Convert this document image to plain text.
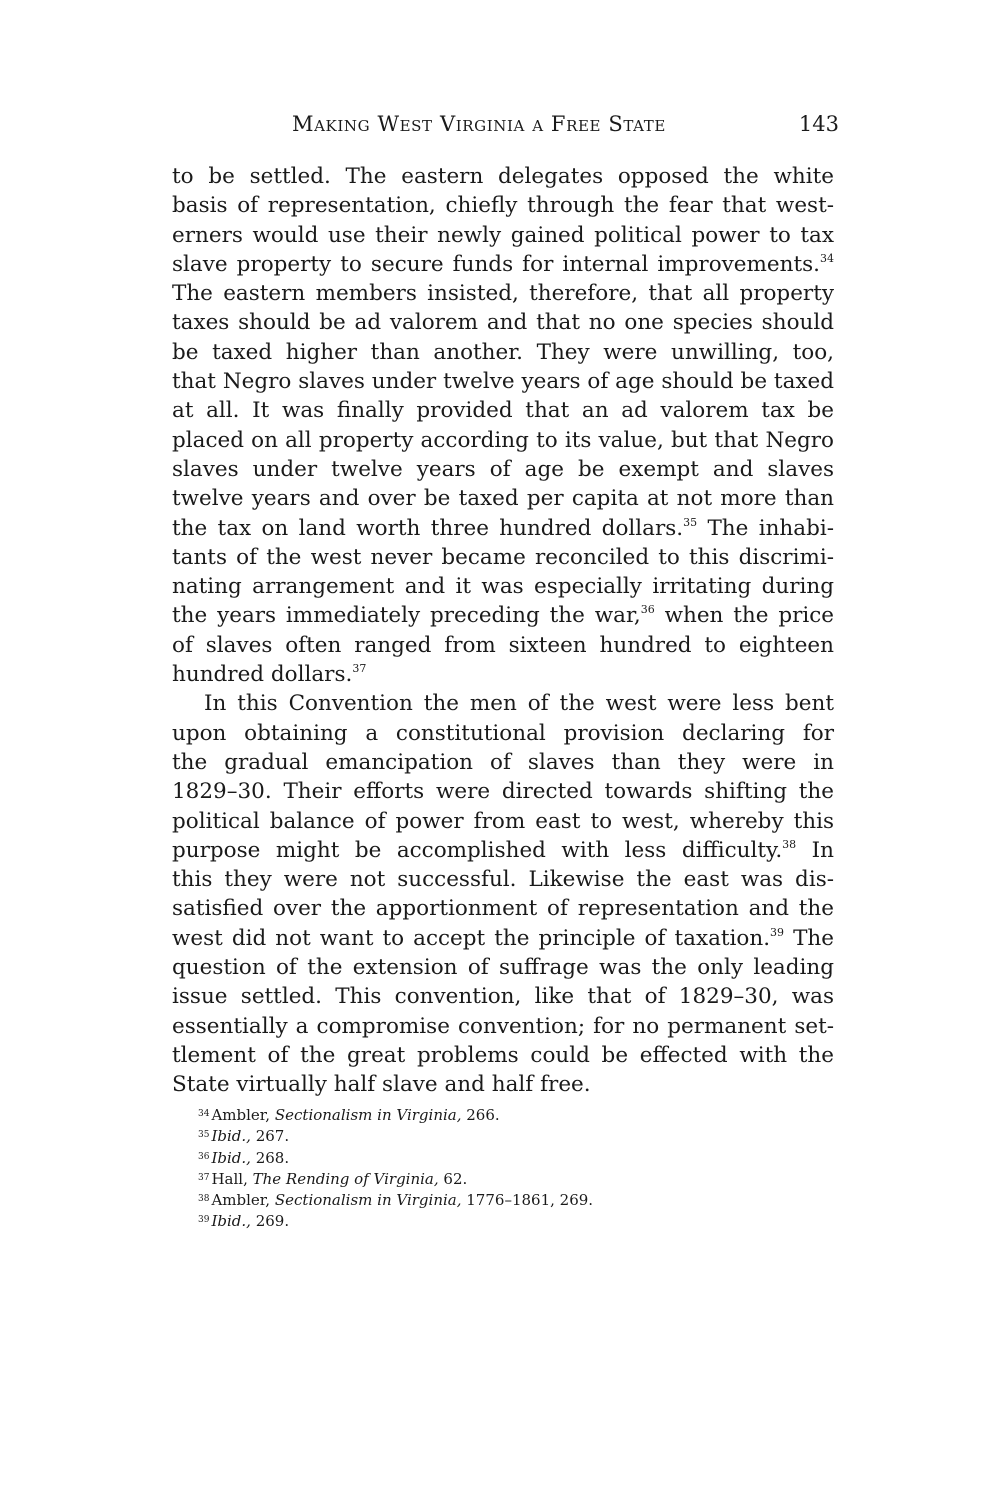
Making West Virginia a Free State	143
to be settled. The eastern delegates opposed the white
basis of representation, chiefly through the fear that west-
erners would use their newly gained political power to tax
slave property to secure funds for internal improvements.$^{34}$
The eastern members insisted, therefore, that all property
taxes should be ad valorem and that no one species should
be taxed higher than another. They were unwilling, too,
that Negro slaves under twelve years of age should be taxed
at all. It was finally provided that an ad valorem tax be
placed on all property according to its value, but that Negro
slaves under twelve years of age be exempt and slaves
twelve years and over be taxed per capita at not more than
the tax on land worth three hundred dollars.$^{35}$ The inhabi-
tants of the west never became reconciled to this discrimi-
nating arrangement and it was especially irritating during
the years immediately preceding the war,$^{36}$ when the price
of slaves often ranged from sixteen hundred to eighteen
hundred dollars.$^{37}$
In this Convention the men of the west were less bent
upon obtaining a constitutional provision declaring for
the gradual emancipation of slaves than they were in
1829–30. Their efforts were directed towards shifting the
political balance of power from east to west, whereby this
purpose might be accomplished with less difficulty.$^{38}$ In
this they were not successful. Likewise the east was dis-
satisfied over the apportionment of representation and the
west did not want to accept the principle of taxation.$^{39}$ The
question of the extension of suffrage was the only leading
issue settled. This convention, like that of 1829–30, was
essentially a compromise convention; for no permanent set-
tlement of the great problems could be effected with the
State virtually half slave and half free.
$^{34}$ Ambler, Sectionalism in Virginia, 266.
$^{35}$ Ibid., 267.
$^{36}$ Ibid., 268.
$^{37}$ Hall, The Rending of Virginia, 62.
$^{38}$ Ambler, Sectionalism in Virginia, 1776–1861, 269.
$^{39}$ Ibid., 269.
